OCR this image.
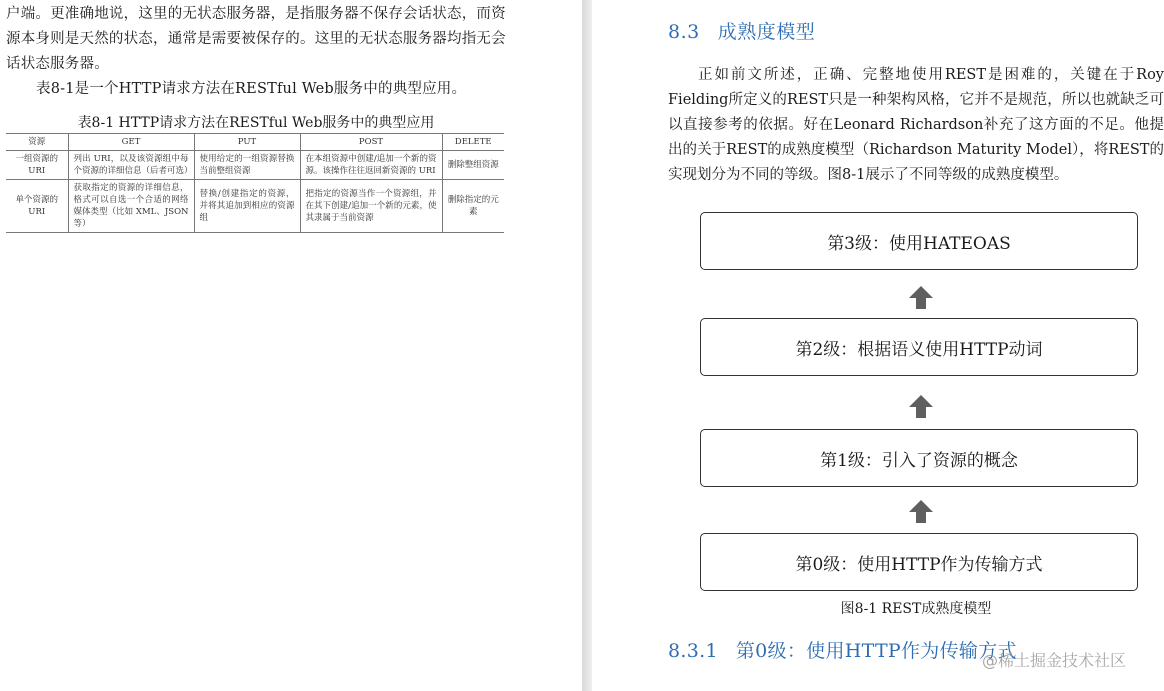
户端。更准确地说，这里的无状态服务器，是指服务器不保存会话状态，而资源本身则是天然的状态，通常是需要被保存的。这里的无状态服务器均指无会话状态服务器。

表8-1是一个HTTP请求方法在RESTful Web服务中的典型应用。

表8-1 HTTP请求方法在RESTful Web服务中的典型应用
资源	GET	PUT	POST	DELETE
一组资源的URI	列出 URI，以及该资源组中每个资源的详细信息（后者可选）	使用给定的一组资源替换当前整组资源	在本组资源中创建/追加一个新的资源。该操作往往返回新资源的 URI	删除整组资源
单个资源的URI	获取指定的资源的详细信息，格式可以自选一个合适的网络媒体类型（比如 XML、JSON 等）	替换/创建指定的资源，并将其追加到相应的资源组	把指定的资源当作一个资源组，并在其下创建/追加一个新的元素，使其隶属于当前资源	删除指定的元素
8.3 成熟度模型
正如前文所述，正确、完整地使用REST是困难的，关键在于Roy Fielding所定义的REST只是一种架构风格，它并不是规范，所以也就缺乏可以直接参考的依据。好在Leonard Richardson补充了这方面的不足。他提出的关于REST的成熟度模型（Richardson Maturity Model），将REST的实现划分为不同的等级。图8-1展示了不同等级的成熟度模型。
第3级：使用HATEOAS
第2级：根据语义使用HTTP动词
第1级：引入了资源的概念
第0级：使用HTTP作为传输方式
图8-1 REST成熟度模型
8.3.1 第0级：使用HTTP作为传输方式
@稀土掘金技术社区
